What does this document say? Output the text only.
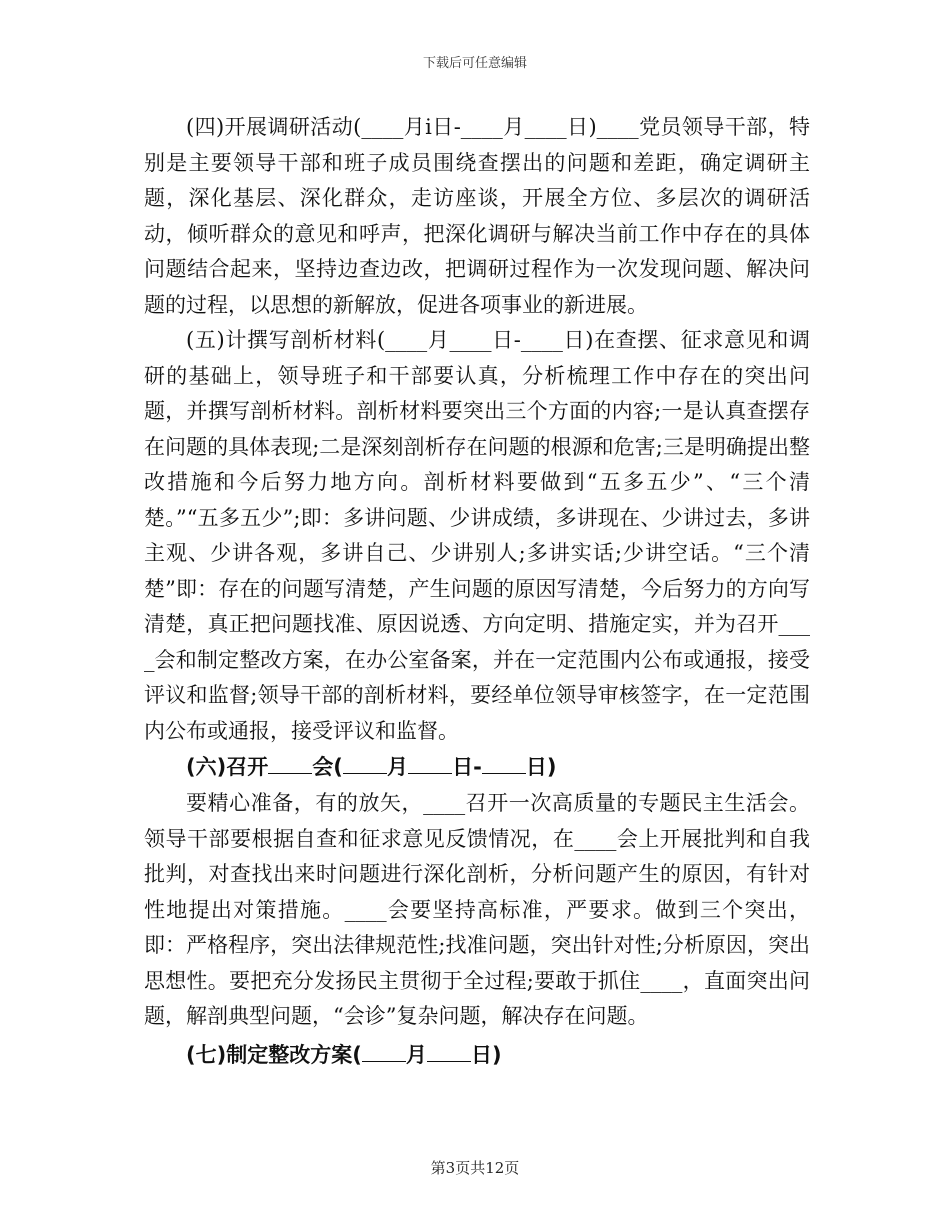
下载后可任意编辑

(四)开展调研活动(____月i日-____月____日)____党员领导干部，特别是主要领导干部和班子成员围绕查摆出的问题和差距，确定调研主题，深化基层、深化群众，走访座谈，开展全方位、多层次的调研活动，倾听群众的意见和呼声，把深化调研与解决当前工作中存在的具体问题结合起来，坚持边查边改，把调研过程作为一次发现问题、解决问题的过程，以思想的新解放，促进各项事业的新进展。

(五)计撰写剖析材料(____月____日-____日)在查摆、征求意见和调研的基础上，领导班子和干部要认真，分析梳理工作中存在的突出问题，并撰写剖析材料。剖析材料要突出三个方面的内容;一是认真查摆存在问题的具体表现;二是深刻剖析存在问题的根源和危害;三是明确提出整改措施和今后努力地方向。剖析材料要做到“五多五少”、“三个清楚。”“五多五少”;即：多讲问题、少讲成绩，多讲现在、少讲过去，多讲主观、少讲各观，多讲自己、少讲别人;多讲实话;少讲空话。“三个清楚”即：存在的问题写清楚，产生问题的原因写清楚，今后努力的方向写清楚，真正把问题找准、原因说透、方向定明、措施定实，并为召开____会和制定整改方案，在办公室备案，并在一定范围内公布或通报，接受评议和监督;领导干部的剖析材料，要经单位领导审核签字，在一定范围内公布或通报，接受评议和监督。

(六)召开 会( 月 日- 日)

要精心准备，有的放矢，____召开一次高质量的专题民主生活会。领导干部要根据自查和征求意见反馈情况，在____会上开展批判和自我批判，对查找出来时问题进行深化剖析，分析问题产生的原因，有针对性地提出对策措施。____会要坚持高标准，严要求。做到三个突出，即：严格程序，突出法律规范性;找准问题，突出针对性;分析原因，突出思想性。要把充分发扬民主贯彻于全过程;要敢于抓住____，直面突出问题，解剖典型问题，“会诊”复杂问题，解决存在问题。

(七)制定整改方案( 月 日)

第3页共12页
